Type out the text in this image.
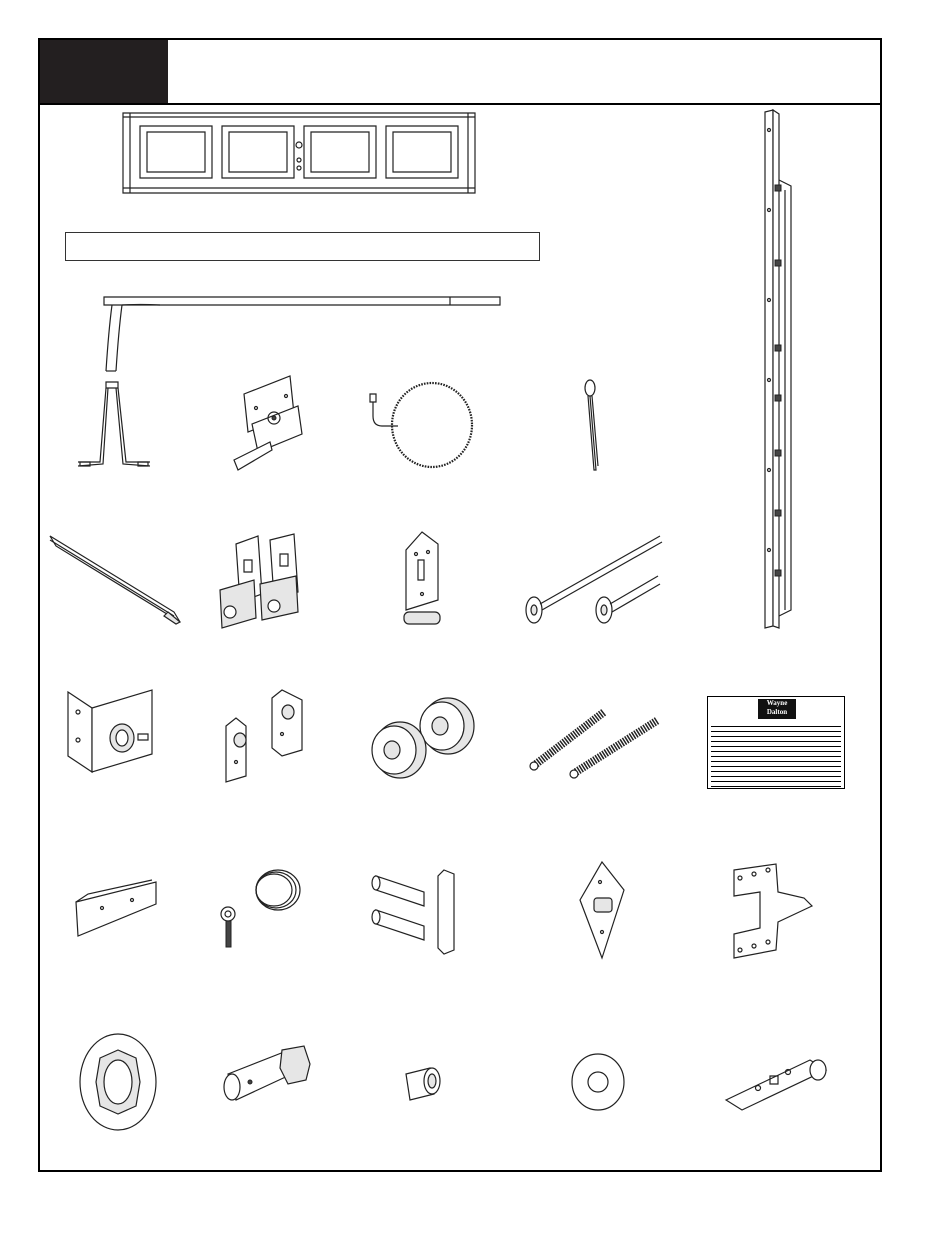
Wayne
Dalton
